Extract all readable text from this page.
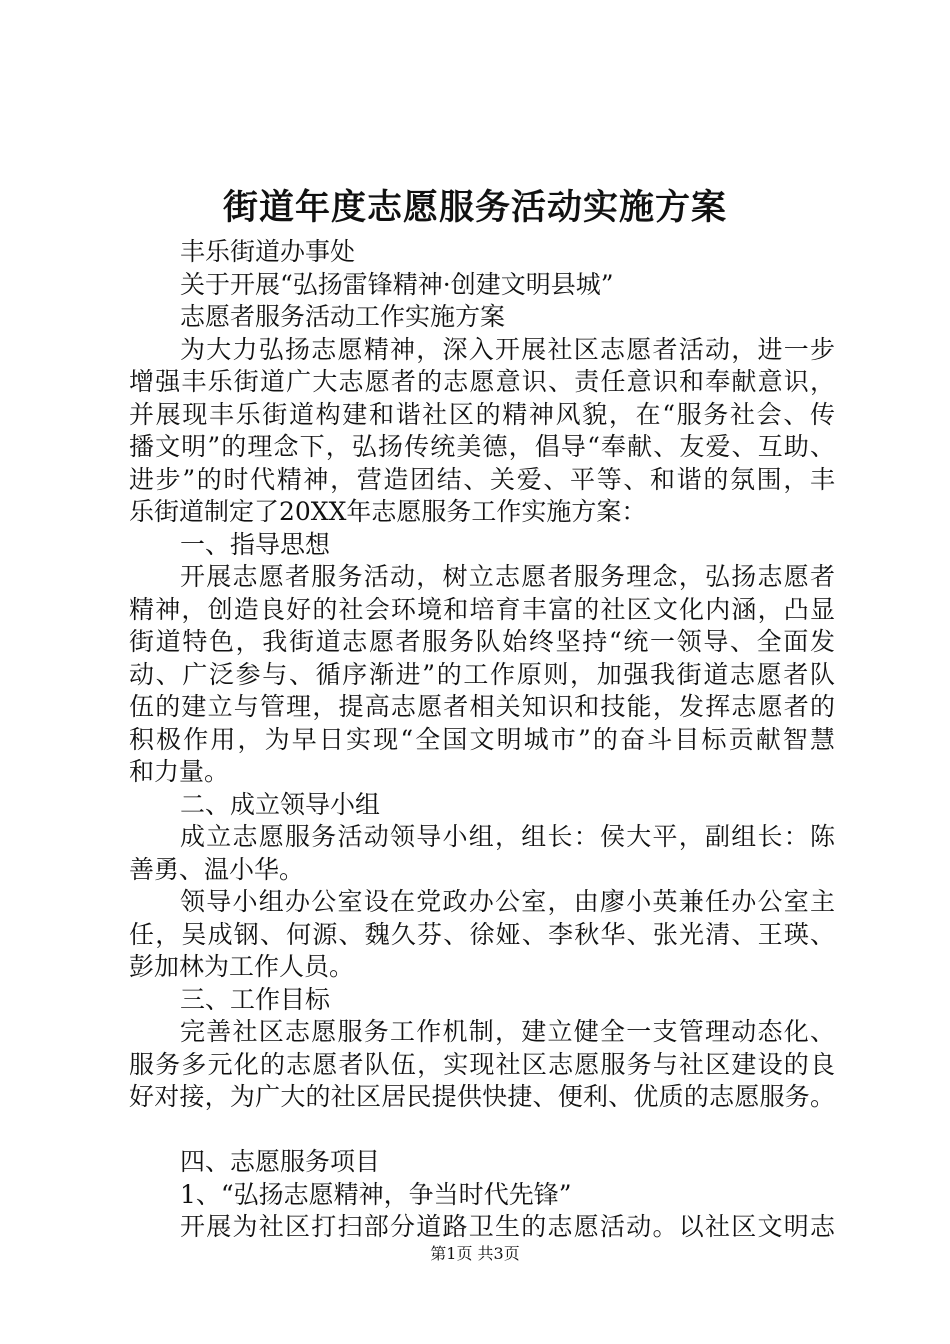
街道年度志愿服务活动实施方案

丰乐街道办事处

关于开展“弘扬雷锋精神·创建文明县城”

志愿者服务活动工作实施方案

为大力弘扬志愿精神，深入开展社区志愿者活动，进一步

增强丰乐街道广大志愿者的志愿意识、责任意识和奉献意识，

并展现丰乐街道构建和谐社区的精神风貌，在“服务社会、传

播文明”的理念下，弘扬传统美德，倡导“奉献、友爱、互助、

进步”的时代精神，营造团结、关爱、平等、和谐的氛围，丰

乐街道制定了20XX年志愿服务工作实施方案：

一、指导思想

开展志愿者服务活动，树立志愿者服务理念，弘扬志愿者

精神，创造良好的社会环境和培育丰富的社区文化内涵，凸显

街道特色，我街道志愿者服务队始终坚持“统一领导、全面发

动、广泛参与、循序渐进”的工作原则，加强我街道志愿者队

伍的建立与管理，提高志愿者相关知识和技能，发挥志愿者的

积极作用，为早日实现“全国文明城市”的奋斗目标贡献智慧

和力量。

二、成立领导小组

成立志愿服务活动领导小组，组长：侯大平，副组长：陈

善勇、温小华。

领导小组办公室设在党政办公室，由廖小英兼任办公室主

任，吴成钢、何源、魏久芬、徐娅、李秋华、张光清、王瑛、

彭加林为工作人员。

三、工作目标

完善社区志愿服务工作机制，建立健全一支管理动态化、

服务多元化的志愿者队伍，实现社区志愿服务与社区建设的良

好对接，为广大的社区居民提供快捷、便利、优质的志愿服务。

四、志愿服务项目

1、“弘扬志愿精神，争当时代先锋”

开展为社区打扫部分道路卫生的志愿活动。以社区文明志

第1页 共3页
